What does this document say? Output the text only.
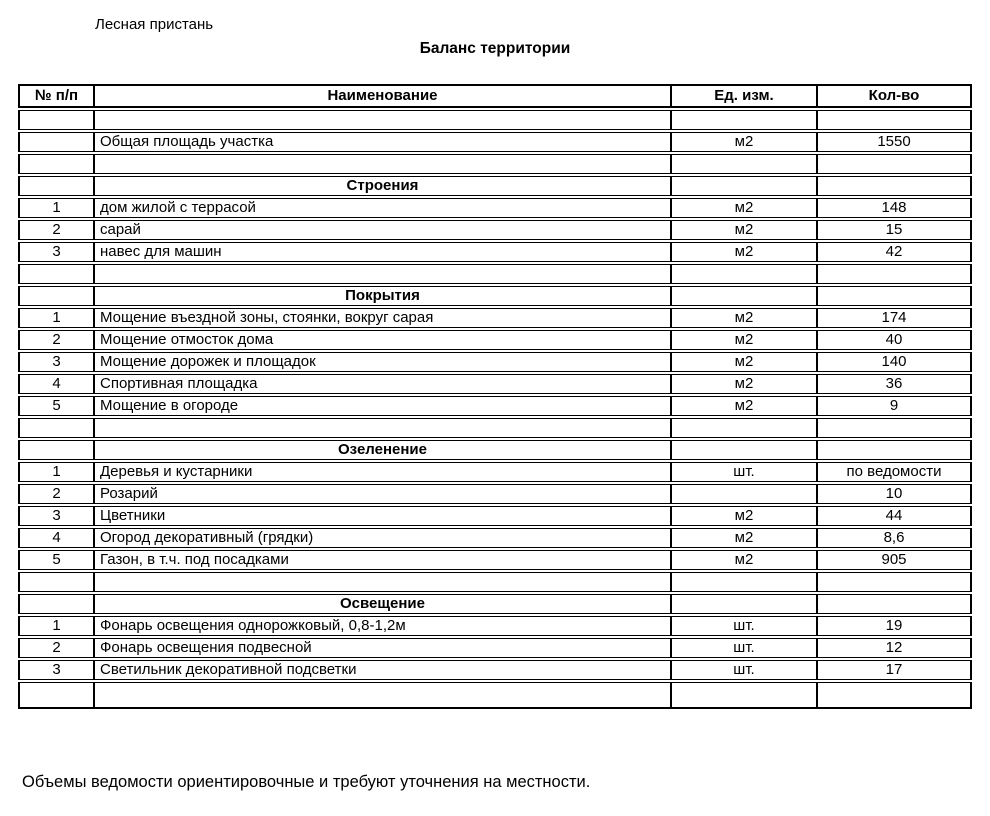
Лесная пристань
Баланс территории
№ п/п	Наименование	Ед. изм.	Кол-во

	Общая площадь участка	м2	1550

	Строения		
1	дом жилой с террасой	м2	148
2	сарай	м2	15
3	навес для машин	м2	42

	Покрытия		
1	Мощение въездной зоны, стоянки, вокруг сарая	м2	174
2	Мощение отмосток дома	м2	40
3	Мощение дорожек и площадок	м2	140
4	Спортивная площадка	м2	36
5	Мощение в огороде	м2	9

	Озеленение		
1	Деревья и кустарники	шт.	по ведомости
2	Розарий		10
3	Цветники	м2	44
4	Огород декоративный (грядки)	м2	8,6
5	Газон, в т.ч. под посадками	м2	905

	Освещение		
1	Фонарь освещения однорожковый, 0,8-1,2м	шт.	19
2	Фонарь освещения подвесной	шт.	12
3	Светильник декоративной подсветки	шт.	17

Объемы ведомости ориентировочные и требуют уточнения на местности.
